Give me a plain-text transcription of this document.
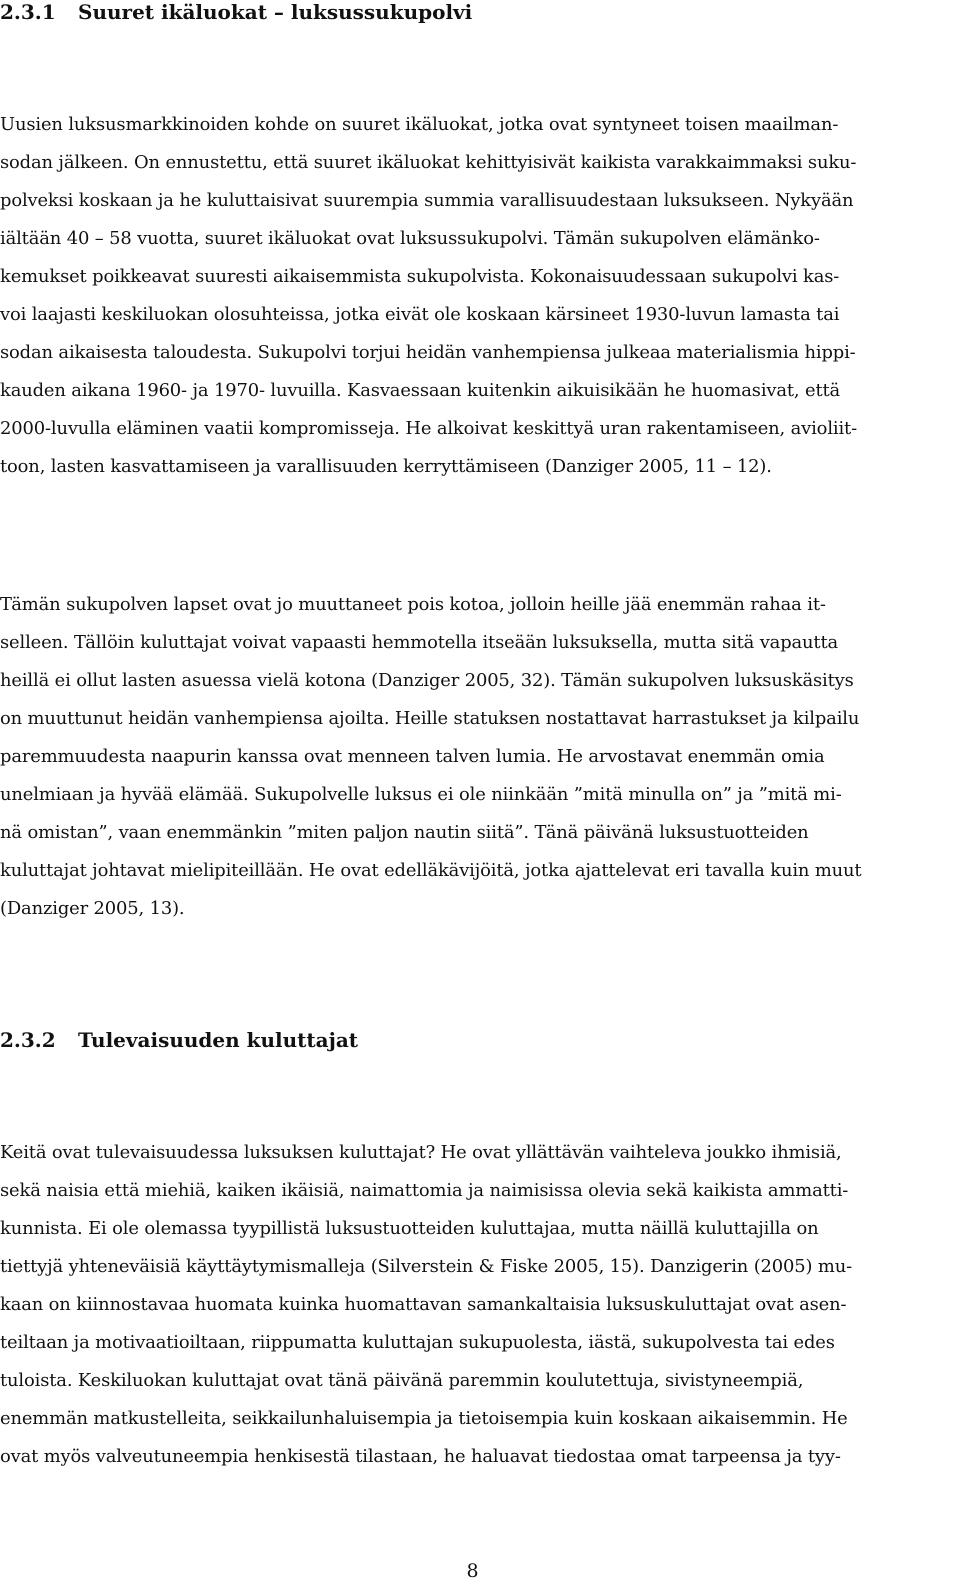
2.3.1 Suuret ikäluokat – luksussukupolvi
Uusien luksusmarkkinoiden kohde on suuret ikäluokat, jotka ovat syntyneet toisen maailman- sodan jälkeen. On ennustettu, että suuret ikäluokat kehittyisivät kaikista varakkaimmaksi suku- polveksi koskaan ja he kuluttaisivat suurempia summia varallisuudestaan luksukseen. Nykyään iältään 40 – 58 vuotta, suuret ikäluokat ovat luksussukupolvi. Tämän sukupolven elämänko- kemukset poikkeavat suuresti aikaisemmista sukupolvista. Kokonaisuudessaan sukupolvi kas- voi laajasti keskiluokan olosuhteissa, jotka eivät ole koskaan kärsineet 1930-luvun lamasta tai sodan aikaisesta taloudesta. Sukupolvi torjui heidän vanhempiensa julkeaa materialismia hippi- kauden aikana 1960- ja 1970- luvuilla. Kasvaessaan kuitenkin aikuisikään he huomasivat, että 2000-luvulla eläminen vaatii kompromisseja. He alkoivat keskittyä uran rakentamiseen, avioliit- toon, lasten kasvattamiseen ja varallisuuden kerryttämiseen (Danziger 2005, 11 – 12).
Tämän sukupolven lapset ovat jo muuttaneet pois kotoa, jolloin heille jää enemmän rahaa it- selleen. Tällöin kuluttajat voivat vapaasti hemmotella itseään luksuksella, mutta sitä vapautta heillä ei ollut lasten asuessa vielä kotona (Danziger 2005, 32). Tämän sukupolven luksuskäsitys on muuttunut heidän vanhempiensa ajoilta. Heille statuksen nostattavat harrastukset ja kilpailu paremmuudesta naapurin kanssa ovat menneen talven lumia. He arvostavat enemmän omia unelmiaan ja hyvää elämää. Sukupolvelle luksus ei ole niinkään ”mitä minulla on” ja ”mitä mi- nä omistan”, vaan enemmänkin ”miten paljon nautin siitä”. Tänä päivänä luksustuotteiden kuluttajat johtavat mielipiteillään. He ovat edelläkävijöitä, jotka ajattelevat eri tavalla kuin muut (Danziger 2005, 13).
2.3.2 Tulevaisuuden kuluttajat
Keitä ovat tulevaisuudessa luksuksen kuluttajat? He ovat yllättävän vaihteleva joukko ihmisiä, sekä naisia että miehiä, kaiken ikäisiä, naimattomia ja naimisissa olevia sekä kaikista ammatti- kunnista. Ei ole olemassa tyypillistä luksustuotteiden kuluttajaa, mutta näillä kuluttajilla on tiettyjä yhteneväisiä käyttäytymismalleja (Silverstein & Fiske 2005, 15). Danzigerin (2005) mu- kaan on kiinnostavaa huomata kuinka huomattavan samankaltaisia luksuskuluttajat ovat asen- teiltaan ja motivaatioiltaan, riippumatta kuluttajan sukupuolesta, iästä, sukupolvesta tai edes tuloista. Keskiluokan kuluttajat ovat tänä päivänä paremmin koulutettuja, sivistyneempiä, enemmän matkustelleita, seikkailunhaluisempia ja tietoisempia kuin koskaan aikaisemmin. He ovat myös valveutuneempia henkisestä tilastaan, he haluavat tiedostaa omat tarpeensa ja tyy-

8
